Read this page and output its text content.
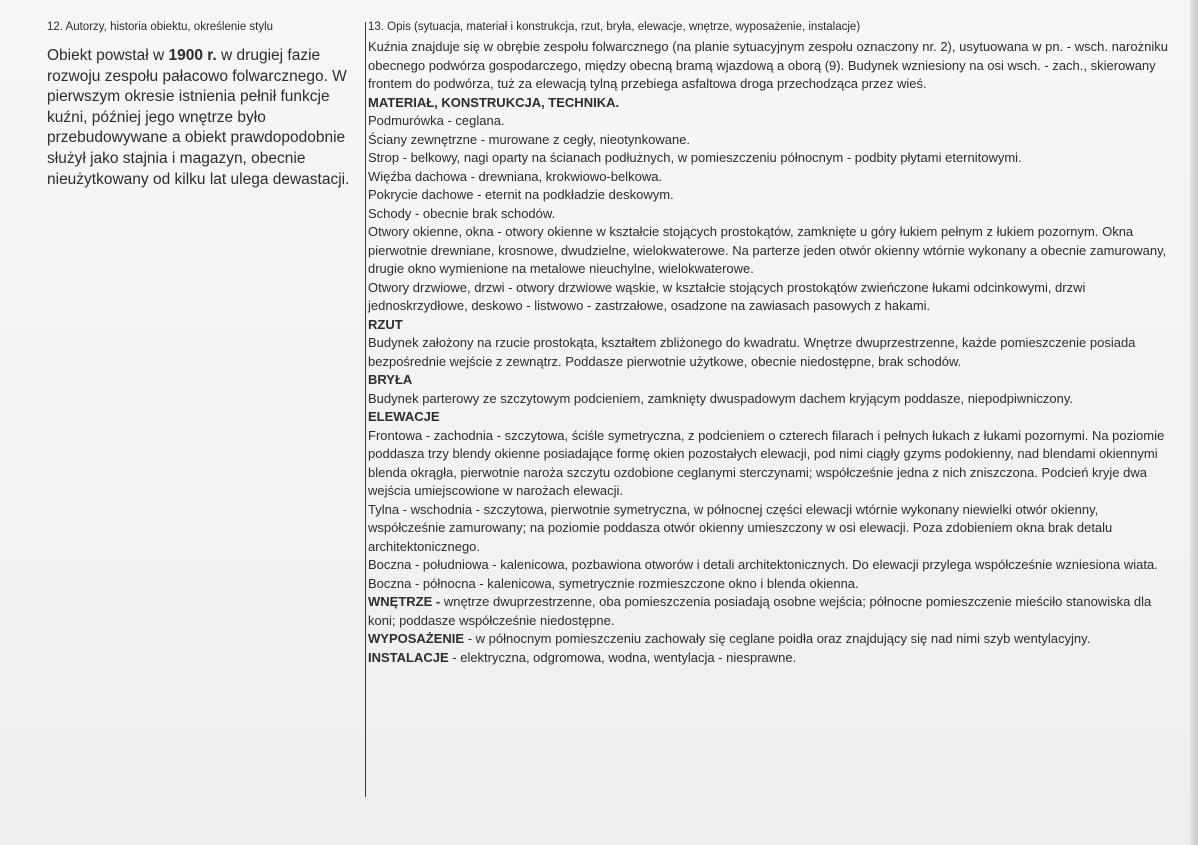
12. Autorzy, historia obiektu, określenie stylu

Obiekt powstał w 1900 r. w drugiej fazie rozwoju zespołu pałacowo folwarcznego. W pierwszym okresie istnienia pełnił funkcje kuźni, później jego wnętrze było przebudowywane a obiekt prawdopodobnie służył jako stajnia i magazyn, obecnie nieużytkowany od kilku lat ulega dewastacji.

13. Opis (sytuacja, materiał i konstrukcja, rzut, bryła, elewacje, wnętrze, wyposażenie, instalacje)

Kuźnia znajduje się w obrębie zespołu folwarcznego (na planie sytuacyjnym zespołu oznaczony nr. 2), usytuowana w pn. - wsch. narożniku obecnego podwórza gospodarczego, między obecną bramą wjazdową a oborą (9). Budynek wzniesiony na osi wsch. - zach., skierowany frontem do podwórza, tuż za elewacją tylną przebiega asfaltowa droga przechodząca przez wieś.

MATERIAŁ, KONSTRUKCJA, TECHNIKA.

Podmurówka - ceglana.

Ściany zewnętrzne - murowane z cegły, nieotynkowane.

Strop - belkowy, nagi oparty na ścianach podłużnych, w pomieszczeniu północnym - podbity płytami eternitowymi.

Więźba dachowa - drewniana, krokwiowo-belkowa.

Pokrycie dachowe - eternit na podkładzie deskowym.

Schody - obecnie brak schodów.

Otwory okienne, okna - otwory okienne w kształcie stojących prostokątów, zamknięte u góry łukiem pełnym z łukiem pozornym. Okna pierwotnie drewniane, krosnowe, dwudzielne, wielokwaterowe. Na parterze jeden otwór okienny wtórnie wykonany a obecnie zamurowany, drugie okno wymienione na metalowe nieuchylne, wielokwaterowe.

Otwory drzwiowe, drzwi - otwory drzwiowe wąskie, w kształcie stojących prostokątów zwieńczone łukami odcinkowymi, drzwi jednoskrzydłowe, deskowo - listwowo - zastrzałowe, osadzone na zawiasach pasowych z hakami.

RZUT

Budynek założony na rzucie prostokąta, kształtem zbliżonego do kwadratu. Wnętrze dwuprzestrzenne, każde pomieszczenie posiada bezpośrednie wejście z zewnątrz. Poddasze pierwotnie użytkowe, obecnie niedostępne, brak schodów.

BRYŁA

Budynek parterowy ze szczytowym podcieniem, zamknięty dwuspadowym dachem kryjącym poddasze, niepodpiwniczony.

ELEWACJE

Frontowa - zachodnia - szczytowa, ściśle symetryczna, z podcieniem o czterech filarach i pełnych łukach z łukami pozornymi. Na poziomie poddasza trzy blendy okienne posiadające formę okien pozostałych elewacji, pod nimi ciągły gzyms podokienny, nad blendami okiennymi blenda okrągła, pierwotnie naroża szczytu ozdobione ceglanymi sterczynami; współcześnie jedna z nich zniszczona. Podcień kryje dwa wejścia umiejscowione w narożach elewacji.

Tylna - wschodnia - szczytowa, pierwotnie symetryczna, w północnej części elewacji wtórnie wykonany niewielki otwór okienny, współcześnie zamurowany; na poziomie poddasza otwór okienny umieszczony w osi elewacji. Poza zdobieniem okna brak detalu architektonicznego.

Boczna - południowa - kalenicowa, pozbawiona otworów i detali architektonicznych. Do elewacji przylega współcześnie wzniesiona wiata.

Boczna - północna - kalenicowa, symetrycznie rozmieszczone okno i blenda okienna.

WNĘTRZE - wnętrze dwuprzestrzenne, oba pomieszczenia posiadają osobne wejścia; północne pomieszczenie mieściło stanowiska dla koni; poddasze współcześnie niedostępne.

WYPOSAŻENIE - w północnym pomieszczeniu zachowały się ceglane poidła oraz znajdujący się nad nimi szyb wentylacyjny.

INSTALACJE - elektryczna, odgromowa, wodna, wentylacja - niesprawne.
